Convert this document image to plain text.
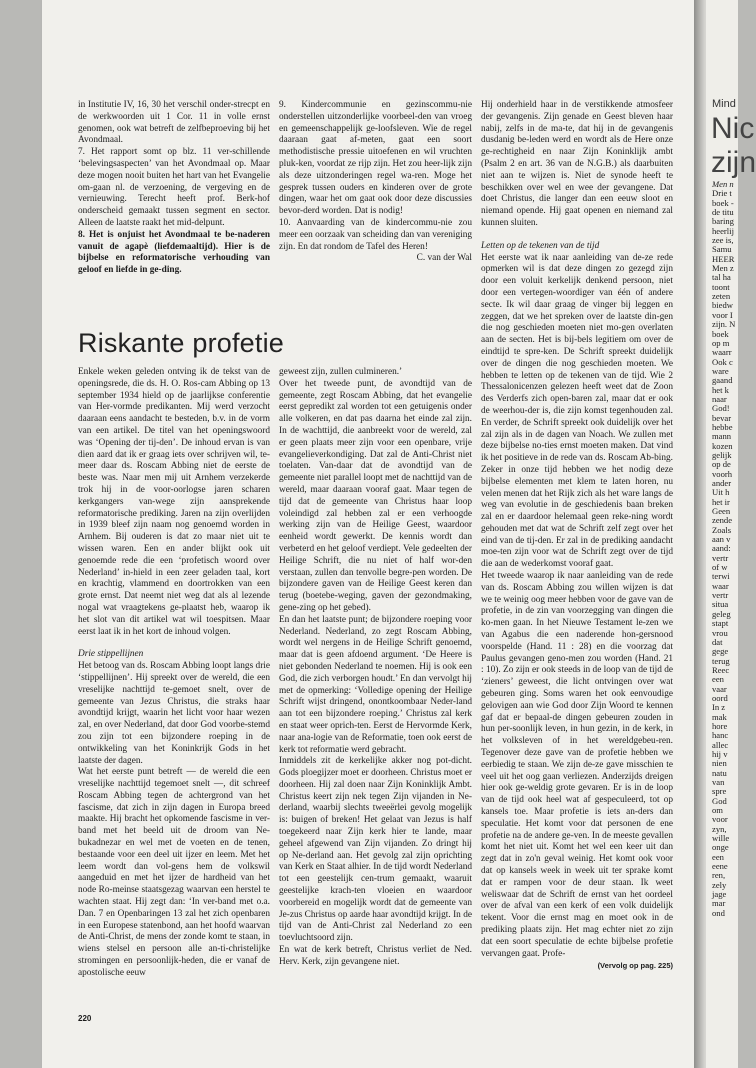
in Institutie IV, 16, 30 het verschil onder-strecpt en de werkwoorden uit 1 Cor. 11 in volle ernst genomen, ook wat betreft de zelfbeproeving bij het Avondmaal.

7. Het rapport somt op blz. 11 ver-schillende ‘belevingsaspecten’ van het Avondmaal op. Maar deze mogen nooit buiten het hart van het Evangelie om-gaan nl. de verzoening, de vergeving en de vernieuwing. Terecht heeft prof. Berk-hof onderscheid gemaakt tussen segment en sector. Alleen de laatste raakt het mid-delpunt.

8. Het is onjuist het Avondmaal te be-naderen vanuit de agapè (liefdemaaltijd). Hier is de bijbelse en reformatorische verhouding van geloof en liefde in ge-ding.

9. Kindercommunie en gezinscommu-nie onderstellen uitzonderlijke voorbeel-den van vroeg en gemeenschappelijk ge-loofsleven. Wie de regel daaraan gaat af-meten, gaat een soort methodistische pressie uitoefenen en wil vruchten pluk-ken, voordat ze rijp zijn. Het zou heer-lijk zijn als deze uitzonderingen regel wa-ren. Moge het gesprek tussen ouders en kinderen over de grote dingen, waar het om gaat ook door deze discussies bevor-derd worden. Dat is nodig!

10. Aanvaarding van de kindercommu-nie zou meer een oorzaak van scheiding dan van vereniging zijn. En dat rondom de Tafel des Heren!

C. van der Wal

Riskante profetie

Enkele weken geleden ontving ik de tekst van de openingsrede, die ds. H. O. Ros-cam Abbing op 13 september 1934 hield op de jaarlijkse conferentie van Her-vormde predikanten. Mij werd verzocht daaraan eens aandacht te besteden, b.v. in de vorm van een artikel. De titel van het openingswoord was ‘Opening der tij-den’. De inhoud ervan is van dien aard dat ik er graag iets over schrijven wil, te-meer daar ds. Roscam Abbing niet de eerste de beste was. Naar men mij uit Arnhem verzekerde trok hij in de voor-oorlogse jaren scharen kerkgangers van-wege zijn aansprekende reformatorische prediking. Jaren na zijn overlijden in 1939 bleef zijn naam nog genoemd worden in Arnhem. Bij ouderen is dat zo maar niet uit te wissen waren. Een en ander blijkt ook uit genoemde rede die een ‘profetisch woord over Nederland’ in-hield in een zeer geladen taal, kort en krachtig, vlammend en doortrokken van een grote ernst. Dat neemt niet weg dat als al lezende nogal wat vraagtekens ge-plaatst heb, waarop ik het slot van dit artikel wat wil toespitsen. Maar eerst laat ik in het kort de inhoud volgen.

Drie stippellijnen

Het betoog van ds. Roscam Abbing loopt langs drie ‘stippellijnen’. Hij spreekt over de wereld, die een vreselijke nachttijd te-gemoet snelt, over de gemeente van Jezus Christus, die straks haar avondtijd krijgt, waarin het licht voor haar wezen zal, en over Nederland, dat door God voorbe-stemd zou zijn tot een bijzondere roeping in de ontwikkeling van het Koninkrijk Gods in het laatste der dagen.

Wat het eerste punt betreft — de wereld die een vreselijke nachttijd tegemoet snelt —, dit schreef Roscam Abbing tegen de achtergrond van het fascisme, dat zich in zijn dagen in Europa breed maakte. Hij bracht het opkomende fascisme in ver-band met het beeld uit de droom van Ne-bukadnezar en wel met de voeten en de tenen, bestaande voor een deel uit ijzer en leem. Met het leem wordt dan vol-gens hem de volkswil aangeduid en met het ijzer de hardheid van het node Ro-meinse staatsgezag waarvan een herstel te wachten staat. Hij zegt dan: ‘In ver-band met o.a. Dan. 7 en Openbaringen 13 zal het zich openbaren in een Europese statenbond, aan het hoofd waarvan de Anti-Christ, de mens der zonde komt te staan, in wiens stelsel en persoon alle an-ti-christelijke stromingen en persoonlijk-heden, die er vanaf de apostolische eeuw

geweest zijn, zullen culmineren.’

Over het tweede punt, de avondtijd van de gemeente, zegt Roscam Abbing, dat het evangelie eerst gepredikt zal worden tot een getuigenis onder alle volkeren, en dat pas daarna het einde zal zijn. In de wachttijd, die aanbreekt voor de wereld, zal er geen plaats meer zijn voor een openbare, vrije evangelieverkondiging. Dat zal de Anti-Christ niet toelaten. Van-daar dat de avondtijd van de gemeente niet parallel loopt met de nachttijd van de wereld, maar daaraan vooraf gaat. Maar tegen de tijd dat de gemeente van Christus haar loop voleindigd zal hebben zal er een verhoogde werking zijn van de Heilige Geest, waardoor eenheid wordt gewerkt. De kennis wordt dan verbeterd en het geloof verdiept. Vele gedeelten der Heilige Schrift, die nu niet of half wor-den verstaan, zullen dan tenvolle begre-pen worden. De bijzondere gaven van de Heilige Geest keren dan terug (boetebe-weging, gaven der gezondmaking, gene-zing op het gebed).

En dan het laatste punt; de bijzondere roeping voor Nederland. Nederland, zo zegt Roscam Abbing, wordt wel nergens in de Heilige Schrift genoemd, maar dat is geen afdoend argument. ‘De Heere is niet gebonden Nederland te noemen. Hij is ook een God, die zich verborgen houdt.’ En dan vervolgt hij met de opmerking: ‘Volledige opening der Heilige Schrift wijst dringend, onontkoombaar Neder-land aan tot een bijzondere roeping.’ Christus zal kerk en staat weer oprich-ten. Eerst de Hervormde Kerk, naar ana-logie van de Reformatie, toen ook eerst de kerk tot reformatie werd gebracht.

Inmiddels zit de kerkelijke akker nog pot-dicht. Gods ploegijzer moet er doorheen. Christus moet er doorheen. Hij zal doen naar Zijn Koninklijk Ambt. Christus keert zijn nek tegen Zijn vijanden in Ne-derland, waarbij slechts tweeërlei gevolg mogelijk is: buigen of breken! Het gelaat van Jezus is half toegekeerd naar Zijn kerk hier te lande, maar geheel afgewend van Zijn vijanden. Zo dringt hij op Ne-derland aan. Het gevolg zal zijn oprichting van Kerk en Staat alhier. In de tijd wordt Nederland tot een geestelijk cen-trum gemaakt, waaruit geestelijke krach-ten vloeien en waardoor voorbereid en mogelijk wordt dat de gemeente van Je-zus Christus op aarde haar avondtijd krijgt. In de tijd van de Anti-Christ zal Nederland zo een toevluchtsoord zijn.

En wat de kerk betreft, Christus verliet de Ned. Herv. Kerk, zijn gevangene niet.

Hij onderhield haar in de verstikkende atmosfeer der gevangenis. Zijn genade en Geest bleven haar nabij, zelfs in de ma-te, dat hij in de gevangenis dusdanig be-leden werd en wordt als de Here onze ge-rechtigheid en naar Zijn Koninklijk ambt (Psalm 2 en art. 36 van de N.G.B.) als daarbuiten niet aan te wijzen is. Niet de synode heeft te beschikken over wel en wee der gevangene. Dat doet Christus, die langer dan een eeuw sloot en niemand opende. Hij gaat openen en niemand zal kunnen sluiten.

Letten op de tekenen van de tijd

Het eerste wat ik naar aanleiding van de-ze rede opmerken wil is dat deze dingen zo gezegd zijn door een voluit kerkelijk denkend persoon, niet door een vertegen-woordiger van één of andere secte. Ik wil daar graag de vinger bij leggen en zeggen, dat we het spreken over de laatste din-gen die nog geschieden moeten niet mo-gen overlaten aan de secten. Het is bij-bels legitiem om over de eindtijd te spre-ken. De Schrift spreekt duidelijk over de dingen die nog geschieden moeten. We hebben te letten op de tekenen van de tijd. Wie 2 Thessalonicenzen gelezen heeft weet dat de Zoon des Verderfs zich open-baren zal, maar dat er ook de weerhou-der is, die zijn komst tegenhouden zal. En verder, de Schrift spreekt ook duidelijk over het zal zijn als in de dagen van Noach. We zullen met deze bijbelse no-ties ernst moeten maken. Dat vind ik het positieve in de rede van ds. Roscam Ab-bing. Zeker in onze tijd hebben we het nodig deze bijbelse elementen met klem te laten horen, nu velen menen dat het Rijk zich als het ware langs de weg van evolutie in de geschiedenis baan breken zal en er daardoor helemaal geen reke-ning wordt gehouden met dat wat de Schrift zelf zegt over het eind van de tij-den. Er zal in de prediking aandacht moe-ten zijn voor wat de Schrift zegt over de tijd die aan de wederkomst vooraf gaat.

Het tweede waarop ik naar aanleiding van de rede van ds. Roscam Abbing zou willen wijzen is dat we te weinig oog meer hebben voor de gave van de profetie, in de zin van voorzegging van dingen die ko-men gaan. In het Nieuwe Testament le-zen we van Agabus die een naderende hon-gersnood voorspelde (Hand. 11 : 28) en die voorzag dat Paulus gevangen geno-men zou worden (Hand. 21 : 10). Zo zijn er ook steeds in de loop van de tijd de ‘zieners’ geweest, die licht ontvingen over wat gebeuren ging. Soms waren het ook eenvoudige gelovigen aan wie God door Zijn Woord te kennen gaf dat er bepaal-de dingen gebeuren zouden in hun per-soonlijk leven, in hun gezin, in de kerk, in het volksleven of in het wereldgebeu-ren. Tegenover deze gave van de profetie hebben we eerbiedig te staan. We zijn de-ze gave misschien te veel uit het oog gaan verliezen. Anderzijds dreigen hier ook ge-weldig grote gevaren. Er is in de loop van de tijd ook heel wat af gespeculeerd, tot op kansels toe. Maar profetie is iets an-ders dan speculatie. Het komt voor dat personen de ene profetie na de andere ge-ven. In de meeste gevallen komt het niet uit. Komt het wel een keer uit dan zegt dat in zo'n geval weinig. Het komt ook voor dat op kansels week in week uit ter sprake komt dat er rampen voor de deur staan. Ik weet weliswaar dat de Schrift de ernst van het oordeel over de afval van een kerk of een volk duidelijk tekent. Voor die ernst mag en moet ook in de prediking plaats zijn. Het mag echter niet zo zijn dat een soort speculatie de echte bijbelse profetie vervangen gaat. Profe-

(Vervolg op pag. 225)
220
Mind
Nic
zijn
Men n
Drie t
boek -
de titu
baring
heerlij
zee is,
Samu
HEER
Men z
tal ha
toont
zeten
biedw
voor I
zijn. N
boek
op m
waarr
Ook c
ware
gaand
het k
naar
God!
bevar
hebbe
mann
kozen
gelijk
op de
voorh
ander
Uit h
het ir
Geen
zende
Zoals
aan v
aand:
vertr
of w
terwi
waar
vertr
situa
geleg
stapt
vrou
dat
gege
terug
Reec
een
vaar
oord
In z
mak
hore
hanc
allec
hij v
nien
natu
van
spre
God
om
voor
zyn,
wille
onge
een
eene
ren,
zely
jage
mar
ond
